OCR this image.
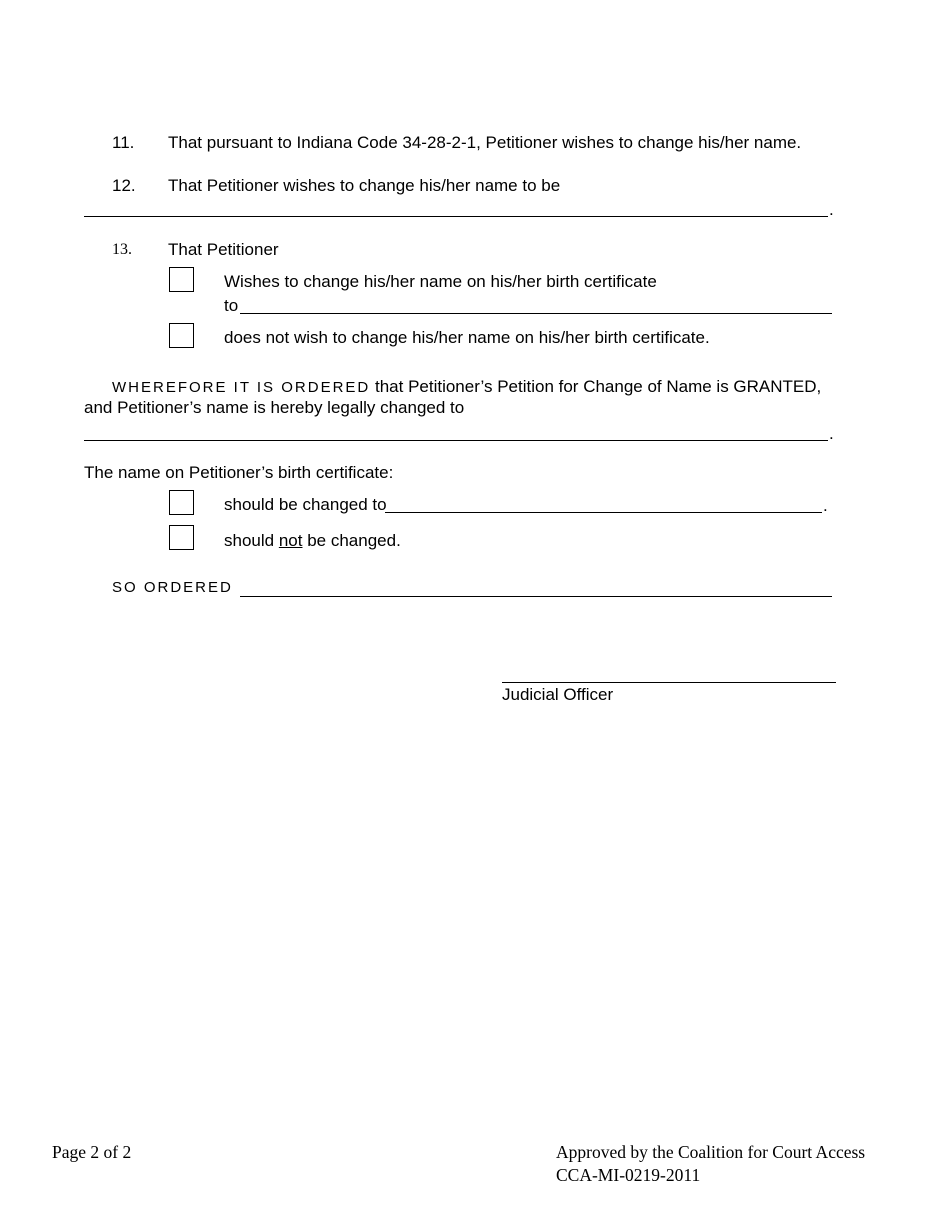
11. That pursuant to Indiana Code 34-28-2-1, Petitioner wishes to change his/her name.
12. That Petitioner wishes to change his/her name to be
.
13. That Petitioner
Wishes to change his/her name on his/her birth certificate
to
does not wish to change his/her name on his/her birth certificate.
WHEREFORE IT IS ORDERED that Petitioner’s Petition for Change of Name is GRANTED,
and Petitioner’s name is hereby legally changed to
.
The name on Petitioner’s birth certificate:
should be changed to	.
should not be changed.
SO ORDERED
Judicial Officer
Page 2 of 2	Approved by the Coalition for Court Access
CCA-MI-0219-2011
